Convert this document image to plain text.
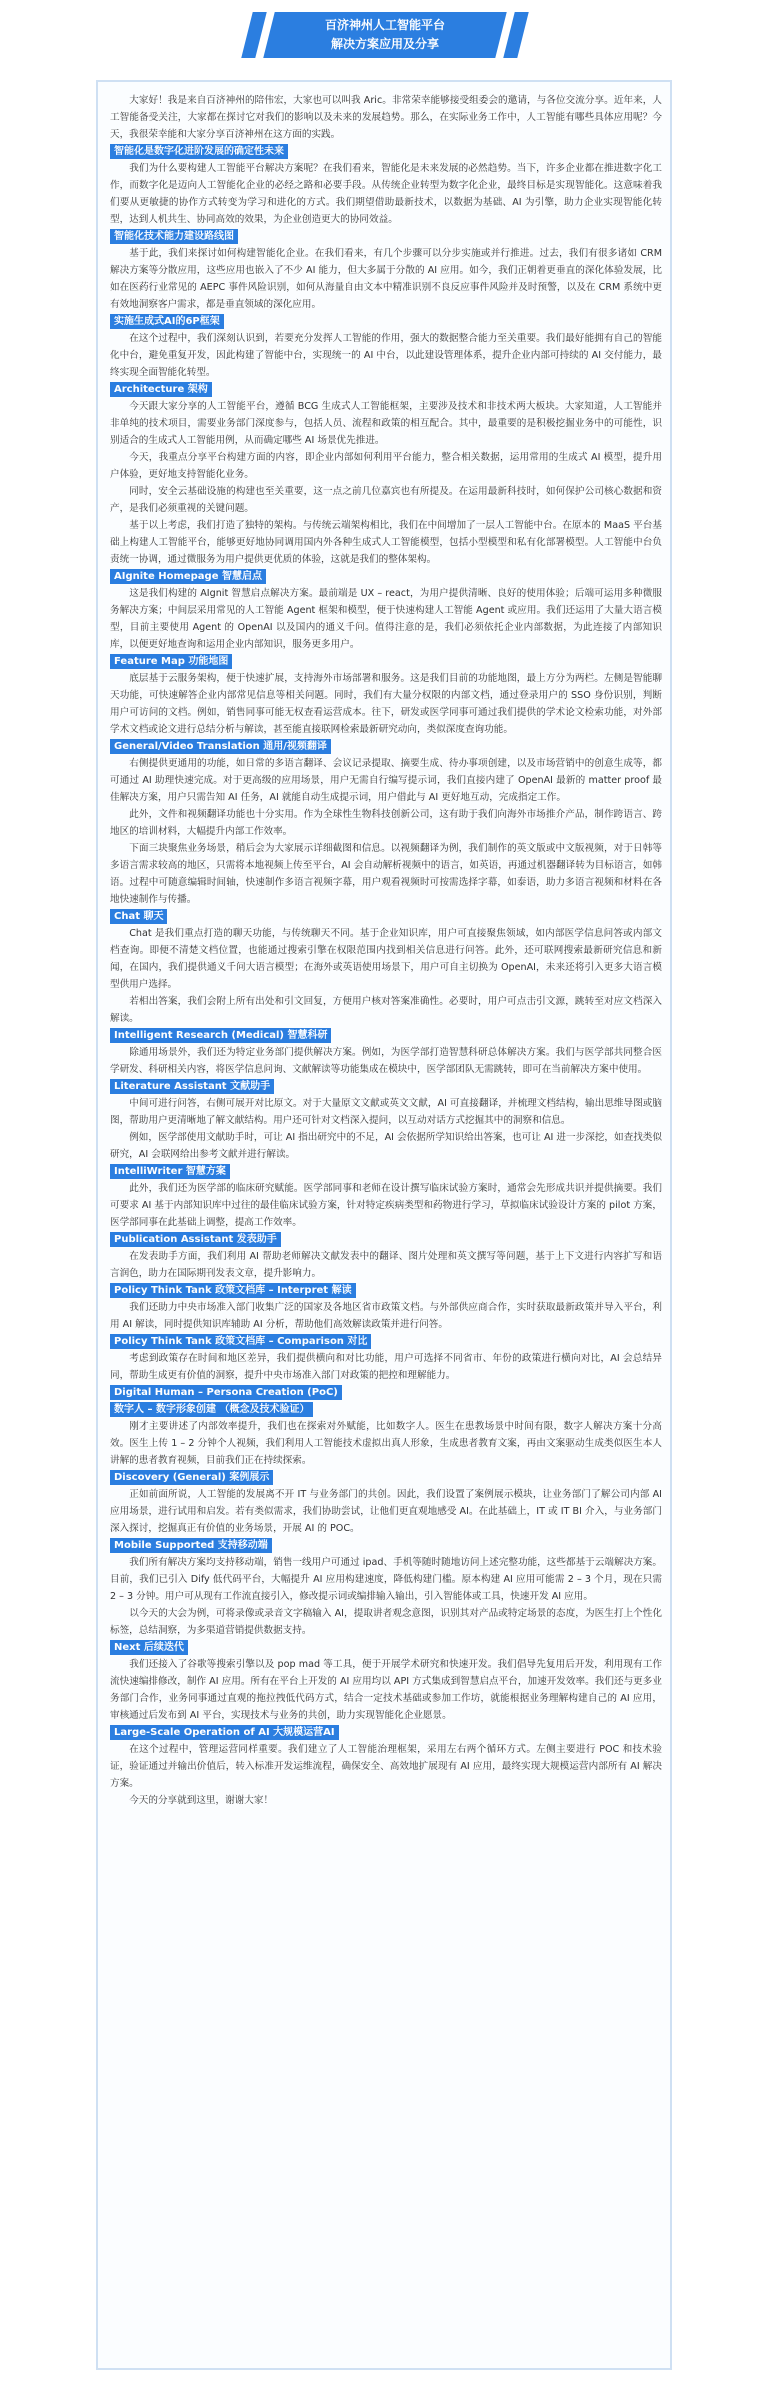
百济神州人工智能平台
解决方案应用及分享

大家好！我是来自百济神州的陪伟宏，大家也可以叫我 Aric。非常荣幸能够接受组委会的邀请，与各位交流分享。近年来，人工智能备受关注，大家都在探讨它对我们的影响以及未来的发展趋势。那么，在实际业务工作中，人工智能有哪些具体应用呢？今天，我很荣幸能和大家分享百济神州在这方面的实践。

智能化是数字化进阶发展的确定性未来

我们为什么要构建人工智能平台解决方案呢？在我们看来，智能化是未来发展的必然趋势。当下，许多企业都在推进数字化工作，而数字化是迈向人工智能化企业的必经之路和必要手段。从传统企业转型为数字化企业，最终目标是实现智能化。这意味着我们要从更敏捷的协作方式转变为学习和进化的方式。我们期望借助最新技术，以数据为基础、AI 为引擎，助力企业实现智能化转型，达到人机共生、协同高效的效果，为企业创造更大的协同效益。

智能化技术能力建设路线图

基于此，我们来探讨如何构建智能化企业。在我们看来，有几个步骤可以分步实施或并行推进。过去，我们有很多诸如 CRM 解决方案等分散应用，这些应用也嵌入了不少 AI 能力，但大多属于分散的 AI 应用。如今，我们正朝着更垂直的深化体验发展，比如在医药行业常见的 AEPC 事件风险识别，如何从海量自由文本中精准识别不良反应事件风险并及时预警，以及在 CRM 系统中更有效地洞察客户需求，都是垂直领域的深化应用。

实施生成式AI的6P框架

在这个过程中，我们深刻认识到，若要充分发挥人工智能的作用，强大的数据整合能力至关重要。我们最好能拥有自己的智能化中台，避免重复开发，因此构建了智能中台，实现统一的 AI 中台，以此建设管理体系，提升企业内部可持续的 AI 交付能力，最终实现全面智能化转型。

Architecture 架构

今天跟大家分享的人工智能平台，遵循 BCG 生成式人工智能框架，主要涉及技术和非技术两大板块。大家知道，人工智能并非单纯的技术项目，需要业务部门深度参与，包括人员、流程和政策的相互配合。其中，最重要的是积极挖掘业务中的可能性，识别适合的生成式人工智能用例，从而确定哪些 AI 场景优先推进。

今天，我重点分享平台构建方面的内容，即企业内部如何利用平台能力，整合相关数据，运用常用的生成式 AI 模型，提升用户体验，更好地支持智能化业务。

同时，安全云基础设施的构建也至关重要，这一点之前几位嘉宾也有所提及。在运用最新科技时，如何保护公司核心数据和资产，是我们必须重视的关键问题。

基于以上考虑，我们打造了独特的架构。与传统云端架构相比，我们在中间增加了一层人工智能中台。在原本的 MaaS 平台基础上构建人工智能平台，能够更好地协同调用国内外各种生成式人工智能模型，包括小型模型和私有化部署模型。人工智能中台负责统一协调，通过微服务为用户提供更优质的体验，这就是我们的整体架构。

AIgnite Homepage 智慧启点

这是我们构建的 AIgnit 智慧启点解决方案。最前端是 UX – react，为用户提供清晰、良好的使用体验；后端可运用多种微服务解决方案；中间层采用常见的人工智能 Agent 框架和模型，便于快速构建人工智能 Agent 或应用。我们还运用了大量大语言模型，目前主要使用 Agent 的 OpenAI 以及国内的通义千问。值得注意的是，我们必须依托企业内部数据，为此连接了内部知识库，以便更好地查询和运用企业内部知识，服务更多用户。

Feature Map 功能地图

底层基于云服务架构，便于快速扩展，支持海外市场部署和服务。这是我们目前的功能地图，最上方分为两栏。左侧是智能聊天功能，可快速解答企业内部常见信息等相关问题。同时，我们有大量分权限的内部文档，通过登录用户的 SSO 身份识别，判断用户可访问的文档。例如，销售同事可能无权查看运营成本。往下，研发或医学同事可通过我们提供的学术论文检索功能，对外部学术文档或论文进行总结分析与解读，甚至能直接联网检索最新研究动向，类似深度查询功能。

General/Video Translation 通用/视频翻译

右侧提供更通用的功能，如日常的多语言翻译、会议记录提取、摘要生成、待办事项创建，以及市场营销中的创意生成等，都可通过 AI 助理快速完成。对于更高级的应用场景，用户无需自行编写提示词，我们直接内建了 OpenAI 最新的 matter proof 最佳解决方案，用户只需告知 AI 任务，AI 就能自动生成提示词，用户借此与 AI 更好地互动，完成指定工作。

此外，文件和视频翻译功能也十分实用。作为全球性生物科技创新公司，这有助于我们向海外市场推介产品，制作跨语言、跨地区的培训材料，大幅提升内部工作效率。

下面三块聚焦业务场景，稍后会为大家展示详细截图和信息。以视频翻译为例，我们制作的英文版或中文版视频，对于日韩等多语言需求较高的地区，只需将本地视频上传至平台，AI 会自动解析视频中的语言，如英语，再通过机器翻译转为目标语言，如韩语。过程中可随意编辑时间轴，快速制作多语言视频字幕，用户观看视频时可按需选择字幕，如泰语，助力多语言视频和材料在各地快速制作与传播。

Chat 聊天

Chat 是我们重点打造的聊天功能，与传统聊天不同。基于企业知识库，用户可直接聚焦领域，如内部医学信息问答或内部文档查询。即便不清楚文档位置，也能通过搜索引擎在权限范围内找到相关信息进行问答。此外，还可联网搜索最新研究信息和新闻，在国内，我们提供通义千问大语言模型；在海外或英语使用场景下，用户可自主切换为 OpenAI，未来还将引入更多大语言模型供用户选择。

若相出答案，我们会附上所有出处和引文回复，方便用户核对答案准确性。必要时，用户可点击引文源，跳转至对应文档深入解读。

Intelligent Research (Medical) 智慧科研

除通用场景外，我们还为特定业务部门提供解决方案。例如，为医学部打造智慧科研总体解决方案。我们与医学部共同整合医学研发、科研相关内容，将医学信息问询、文献解读等功能集成在模块中，医学部团队无需跳转，即可在当前解决方案中使用。

Literature Assistant 文献助手

中间可进行问答，右侧可展开对比原文。对于大量原文文献或英文文献，AI 可直接翻译，并梳理文档结构，输出思维导图或脑图，帮助用户更清晰地了解文献结构。用户还可针对文档深入提问，以互动对话方式挖掘其中的洞察和信息。

例如，医学部使用文献助手时，可让 AI 指出研究中的不足，AI 会依据所学知识给出答案，也可让 AI 进一步深挖，如查找类似研究，AI 会联网给出参考文献并进行解读。

IntelliWriter 智慧方案

此外，我们还为医学部的临床研究赋能。医学部同事和老师在设计撰写临床试验方案时，通常会先形成共识并提供摘要。我们可要求 AI 基于内部知识库中过往的最佳临床试验方案，针对特定疾病类型和药物进行学习，草拟临床试验设计方案的 pilot 方案，医学部同事在此基础上调整，提高工作效率。

Publication Assistant 发表助手

在发表助手方面，我们利用 AI 帮助老师解决文献发表中的翻译、图片处理和英文撰写等问题，基于上下文进行内容扩写和语言润色，助力在国际期刊发表文章，提升影响力。

Policy Think Tank 政策文档库 – Interpret 解读

我们还助力中央市场准入部门收集广泛的国家及各地区省市政策文档。与外部供应商合作，实时获取最新政策并导入平台，利用 AI 解读，同时提供知识库辅助 AI 分析，帮助他们高效解读政策并进行问答。

Policy Think Tank 政策文档库 – Comparison 对比

考虑到政策存在时间和地区差异，我们提供横向和对比功能，用户可选择不同省市、年份的政策进行横向对比，AI 会总结异同，帮助生成更有价值的洞察，提升中央市场准入部门对政策的把控和理解能力。

Digital Human – Persona Creation (PoC)
数字人 – 数字形象创建 （概念及技术验证）

刚才主要讲述了内部效率提升，我们也在探索对外赋能，比如数字人。医生在患教场景中时间有限，数字人解决方案十分高效。医生上传 1 – 2 分钟个人视频，我们利用人工智能技术虚拟出真人形象，生成患者教育文案，再由文案驱动生成类似医生本人讲解的患者教育视频，目前我们正在持续探索。

Discovery (General) 案例展示

正如前面所说，人工智能的发展离不开 IT 与业务部门的共创。因此，我们设置了案例展示模块，让业务部门了解公司内部 AI 应用场景，进行试用和启发。若有类似需求，我们协助尝试，让他们更直观地感受 AI。在此基础上，IT 或 IT BI 介入，与业务部门深入探讨，挖掘真正有价值的业务场景，开展 AI 的 POC。

Mobile Supported 支持移动端

我们所有解决方案均支持移动端，销售一线用户可通过 ipad、手机等随时随地访问上述完整功能，这些都基于云端解决方案。目前，我们已引入 Dify 低代码平台，大幅提升 AI 应用构建速度，降低构建门槛。原本构建 AI 应用可能需 2 – 3 个月，现在只需 2 – 3 分钟。用户可从现有工作流直接引入，修改提示词或编排输入输出，引入智能体或工具，快速开发 AI 应用。

以今天的大会为例，可将录像或录音文字稿输入 AI，提取讲者观念意图，识别其对产品或特定场景的态度，为医生打上个性化标签，总结洞察，为多渠道营销提供数据支持。

Next 后续迭代

我们还接入了谷歌等搜索引擎以及 pop mad 等工具，便于开展学术研究和快速开发。我们倡导先复用后开发，利用现有工作流快速编排修改，制作 AI 应用。所有在平台上开发的 AI 应用均以 API 方式集成到智慧启点平台，加速开发效率。我们还与更多业务部门合作，业务同事通过直观的拖拉拽低代码方式，结合一定技术基础或参加工作坊，就能根据业务理解构建自己的 AI 应用，审核通过后发布到 AI 平台，实现技术与业务的共创，助力实现智能化企业愿景。

Large-Scale Operation of AI 大规模运营AI

在这个过程中，管理运营同样重要。我们建立了人工智能治理框架，采用左右两个循环方式。左侧主要进行 POC 和技术验证，验证通过并输出价值后，转入标准开发运维流程，确保安全、高效地扩展现有 AI 应用，最终实现大规模运营内部所有 AI 解决方案。

今天的分享就到这里，谢谢大家！
